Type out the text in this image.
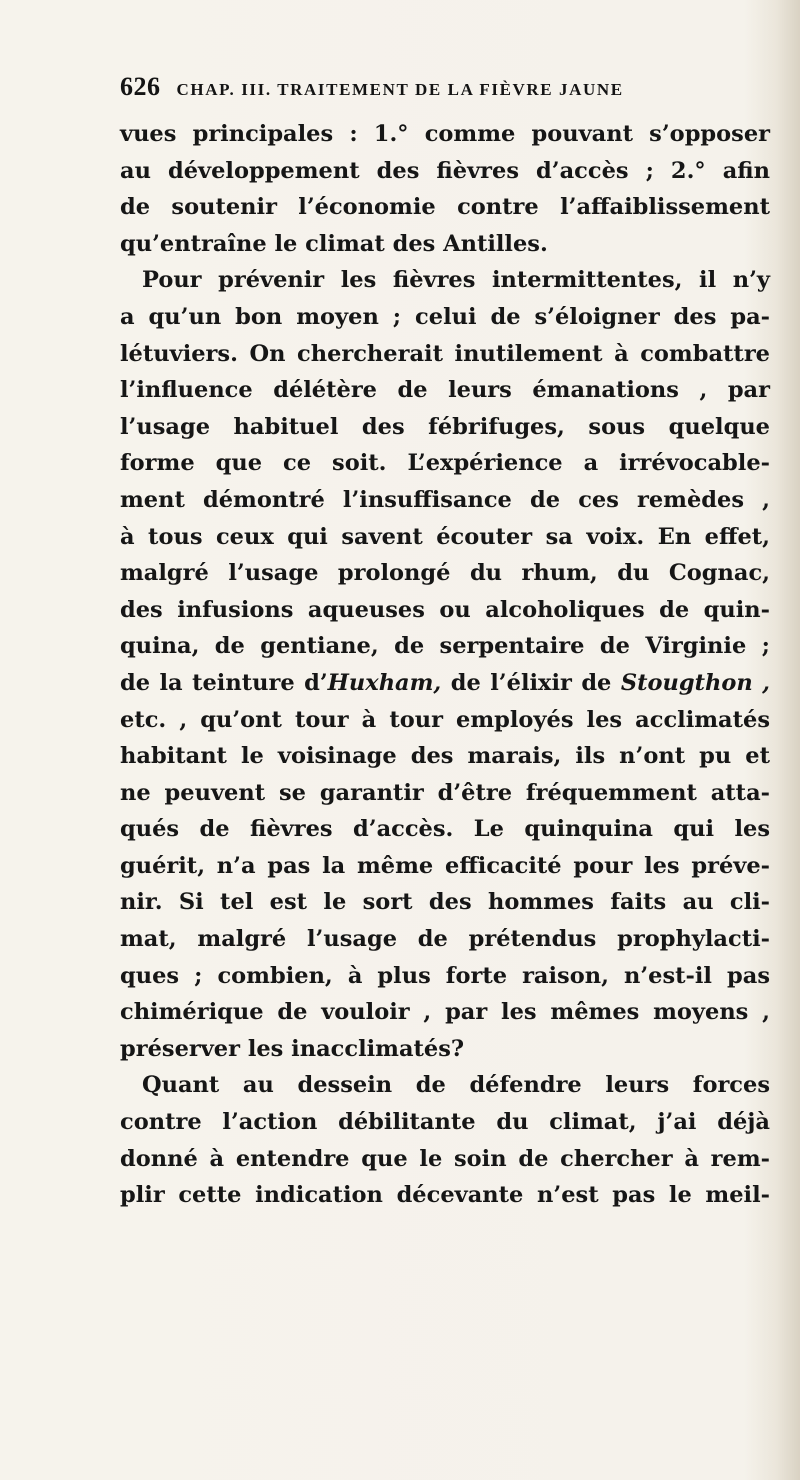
626 CHAP. III. TRAITEMENT DE LA FIÈVRE JAUNE
vues principales : 1.° comme pouvant s’opposer
au développement des fièvres d’accès ; 2.° afin
de soutenir l’économie contre l’affaiblissement
qu’entraîne le climat des Antilles.
Pour prévenir les fièvres intermittentes, il n’y
a qu’un bon moyen ; celui de s’éloigner des pa-
létuviers. On chercherait inutilement à combattre
l’influence délétère de leurs émanations , par
l’usage habituel des fébrifuges, sous quelque
forme que ce soit. L’expérience a irrévocable-
ment démontré l’insuffisance de ces remèdes ,
à tous ceux qui savent écouter sa voix. En effet,
malgré l’usage prolongé du rhum, du Cognac,
des infusions aqueuses ou alcoholiques de quin-
quina, de gentiane, de serpentaire de Virginie ;
de la teinture d’Huxham, de l’élixir de Stougthon ,
etc. , qu’ont tour à tour employés les acclimatés
habitant le voisinage des marais, ils n’ont pu et
ne peuvent se garantir d’être fréquemment atta-
qués de fièvres d’accès. Le quinquina qui les
guérit, n’a pas la même efficacité pour les préve-
nir. Si tel est le sort des hommes faits au cli-
mat, malgré l’usage de prétendus prophylacti-
ques ; combien, à plus forte raison, n’est-il pas
chimérique de vouloir , par les mêmes moyens ,
préserver les inacclimatés?
Quant au dessein de défendre leurs forces
contre l’action débilitante du climat, j’ai déjà
donné à entendre que le soin de chercher à rem-
plir cette indication décevante n’est pas le meil-
